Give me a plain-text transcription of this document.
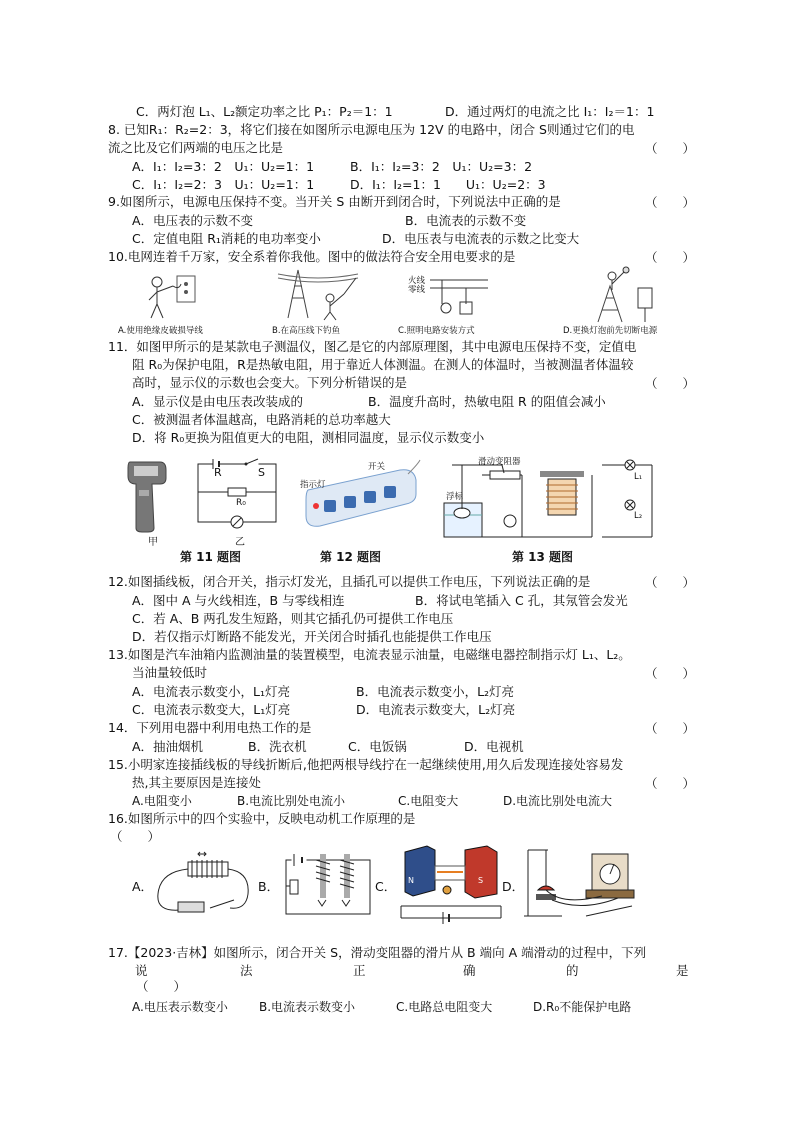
C．两灯泡 L₁、L₂额定功率之比 P₁：P₂＝1：1	D．通过两灯的电流之比 I₁：I₂＝1：1
8. 已知R₁：R₂=2：3，将它们接在如图所示电源电压为 12V 的电路中，闭合 S则通过它们的电
流之比及它们两端的电压之比是	（　　）
A．I₁：I₂=3：2　U₁：U₂=1：1	B．I₁：I₂=3：2　U₁：U₂=3：2
C．I₁：I₂=2：3　U₁：U₂=1：1	D．I₁：I₂=1：1　　U₁：U₂=2：3
9.如图所示，电源电压保持不变。当开关 S 由断开到闭合时，下列说法中正确的是	（　　）
A．电压表的示数不变	B．电流表的示数不变
C．定值电阻 R₁消耗的电功率变小	D．电压表与电流表的示数之比变大
10.电网连着千万家，安全系着你我他。图中的做法符合安全用电要求的是	（　　）
火线
零线
A.使用绝缘皮破损导线	B.在高压线下钓鱼	C.照明电路安装方式	D.更换灯泡前先切断电源
11．如图甲所示的是某款电子测温仪，图乙是它的内部原理图，其中电源电压保持不变，定值电
阻 R₀为保护电阻，R是热敏电阻，用于靠近人体测温。在测人的体温时，当被测温者体温较
高时，显示仪的示数也会变大。下列分析错误的是	（　　）
A．显示仪是由电压表改装成的	B．温度升高时，热敏电阻 R 的阻值会减小
C．被测温者体温越高，电路消耗的总功率越大
D．将 R₀更换为阻值更大的电阻，测相同温度，显示仪示数变小
甲
R	S
R₀
乙
指示灯
开关	滑动变阻器
浮标
L₁
L₂
第 11 题图	第 12 题图	第 13 题图
12.如图插线板，闭合开关，指示灯发光，且插孔可以提供工作电压，下列说法正确的是	（　　）
A．图中 A 与火线相连，B 与零线相连	B．将试电笔插入 C 孔，其氖管会发光
C．若 A、B 两孔发生短路，则其它插孔仍可提供工作电压
D．若仅指示灯断路不能发光，开关闭合时插孔也能提供工作电压
13.如图是汽车油箱内监测油量的装置模型，电流表显示油量，电磁继电器控制指示灯 L₁、L₂。
当油量较低时	（　　）
A．电流表示数变小，L₁灯亮	B．电流表示数变小，L₂灯亮
C．电流表示数变大，L₁灯亮	D．电流表示数变大，L₂灯亮
14．下列用电器中利用电热工作的是	（　　）
A．抽油烟机	B．洗衣机	C．电饭锅	D．电视机
15.小明家连接插线板的导线折断后,他把两根导线拧在一起继续使用,用久后发现连接处容易发
热,其主要原因是连接处	（　　）
A.电阻变小	B.电流比别处电流小	C.电阻变大	D.电流比别处电流大
16.如图所示中的四个实验中，反映电动机工作原理的是
（　　）
A．	B．	C． N	S D．
17.【2023·吉林】如图所示，闭合开关 S，滑动变阻器的滑片从 B 端向 A 端滑动的过程中，下列
说	法	正	确	的	是
（　　）
A.电压表示数变小	B.电流表示数变小	C.电路总电阻变大	D.R₀不能保护电路
